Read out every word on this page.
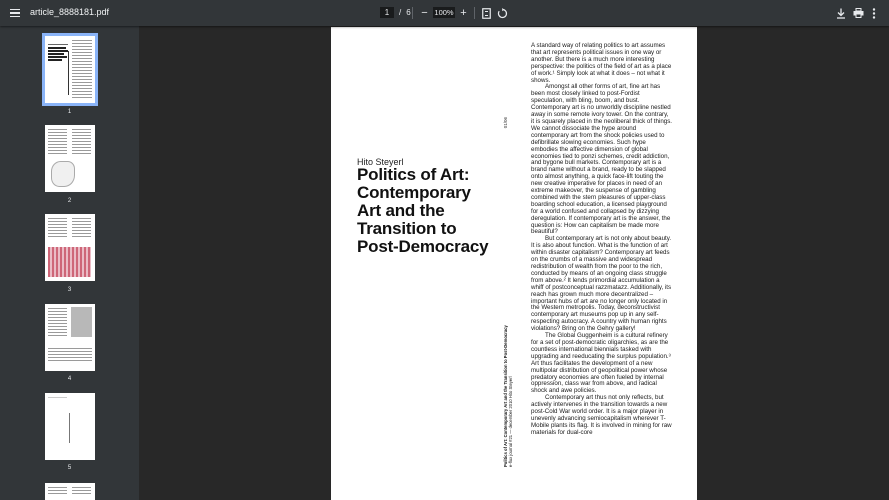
article_8888181.pdf
1	/ 6 − 100% +
1
2
3
4
5
Hito Steyerl
Politics of Art: Contemporary Art and the Transition to Post-Democracy
01/06
Politics of Art: Contemporary Art and the Transition to Post-Democracy e-flux journal #21 — december 2010 Hito Steyerl

A standard way of relating politics to art assumes that art represents political issues in one way or another. But there is a much more interesting perspective: the politics of the field of art as a place of work.¹ Simply look at what it does – not what it shows.

Amongst all other forms of art, fine art has been most closely linked to post-Fordist speculation, with bling, boom, and bust. Contemporary art is no unworldly discipline nestled away in some remote ivory tower. On the contrary, it is squarely placed in the neoliberal thick of things. We cannot dissociate the hype around contemporary art from the shock policies used to defibrillate slowing economies. Such hype embodies the affective dimension of global economies tied to ponzi schemes, credit addiction, and bygone bull markets. Contemporary art is a brand name without a brand, ready to be slapped onto almost anything, a quick face-lift touting the new creative imperative for places in need of an extreme makeover, the suspense of gambling combined with the stern pleasures of upper-class boarding school education, a licensed playground for a world confused and collapsed by dizzying deregulation. If contemporary art is the answer, the question is: How can capitalism be made more beautiful?

But contemporary art is not only about beauty. It is also about function. What is the function of art within disaster capitalism? Contemporary art feeds on the crumbs of a massive and widespread redistribution of wealth from the poor to the rich, conducted by means of an ongoing class struggle from above.² It lends primordial accumulation a whiff of postconceptual razzmatazz. Additionally, its reach has grown much more decentralized – important hubs of art are no longer only located in the Western metropolis. Today, deconstructivist contemporary art museums pop up in any self-respecting autocracy. A country with human rights violations? Bring on the Gehry gallery!

The Global Guggenheim is a cultural refinery for a set of post-democratic oligarchies, as are the countless international biennials tasked with upgrading and reeducating the surplus population.³ Art thus facilitates the development of a new multipolar distribution of geopolitical power whose predatory economies are often fueled by internal oppression, class war from above, and radical shock and awe policies.

Contemporary art thus not only reflects, but actively intervenes in the transition towards a new post-Cold War world order. It is a major player in unevenly advancing semiocapitalism wherever T-Mobile plants its flag. It is involved in mining for raw materials for dual-core
